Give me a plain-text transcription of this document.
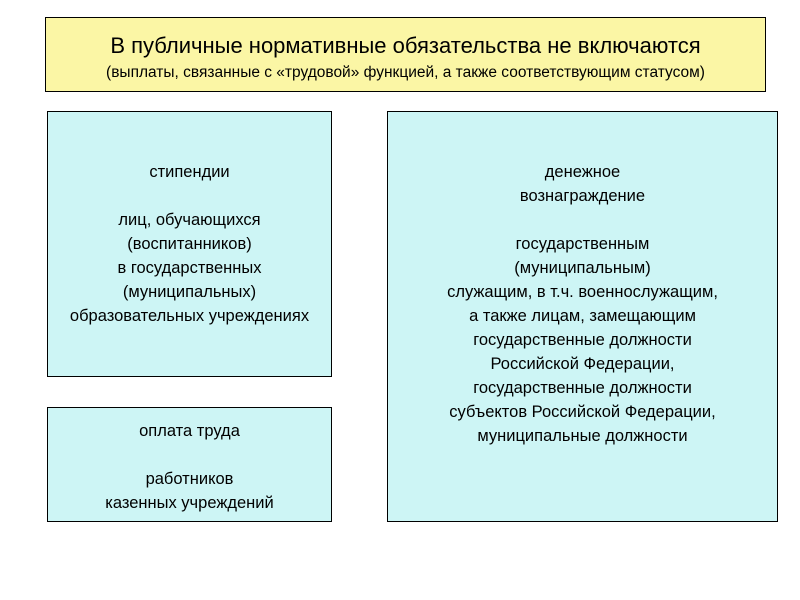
В публичные нормативные обязательства не включаются
(выплаты, связанные с «трудовой» функцией, а также соответствующим статусом)
стипендии
лиц, обучающихся
(воспитанников)
в государственных
(муниципальных)
образовательных учреждениях
оплата труда
работников
казенных учреждений
денежное
вознаграждение
государственным
(муниципальным)
служащим, в т.ч. военнослужащим,
а также лицам, замещающим
государственные должности
Российской Федерации,
государственные должности
субъектов Российской Федерации,
муниципальные должности
